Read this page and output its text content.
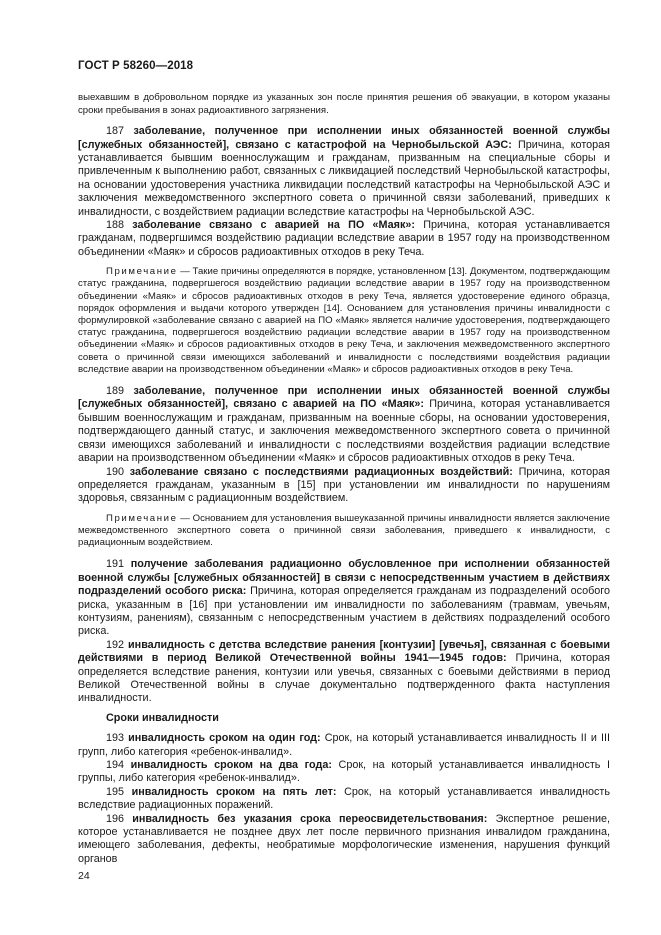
ГОСТ Р 58260—2018

выехавшим в добровольном порядке из указанных зон после принятия решения об эвакуации, в котором указаны сроки пребывания в зонах радиоактивного загрязнения.

187 заболевание, полученное при исполнении иных обязанностей военной службы [служебных обязанностей], связано с катастрофой на Чернобыльской АЭС: Причина, которая устанавливается бывшим военнослужащим и гражданам, призванным на специальные сборы и привлеченным к выполнению работ, связанных с ликвидацией последствий Чернобыльской катастрофы, на основании удостоверения участника ликвидации последствий катастрофы на Чернобыльской АЭС и заключения межведомственного экспертного совета о причинной связи заболеваний, приведших к инвалидности, с воздействием радиации вследствие катастрофы на Чернобыльской АЭС.

188 заболевание связано с аварией на ПО «Маяк»: Причина, которая устанавливается гражданам, подвергшимся воздействию радиации вследствие аварии в 1957 году на производственном объединении «Маяк» и сбросов радиоактивных отходов в реку Теча.

Примечание — Такие причины определяются в порядке, установленном [13]. Документом, подтверждающим статус гражданина, подвергшегося воздействию радиации вследствие аварии в 1957 году на производственном объединении «Маяк» и сбросов радиоактивных отходов в реку Теча, является удостоверение единого образца, порядок оформления и выдачи которого утвержден [14]. Основанием для установления причины инвалидности с формулировкой «заболевание связано с аварией на ПО «Маяк» является наличие удостоверения, подтверждающего статус гражданина, подвергшегося воздействию радиации вследствие аварии в 1957 году на производственном объединении «Маяк» и сбросов радиоактивных отходов в реку Теча, и заключения межведомственного экспертного совета о причинной связи имеющихся заболеваний и инвалидности с последствиями воздействия радиации вследствие аварии на производственном объединении «Маяк» и сбросов радиоактивных отходов в реку Теча.

189 заболевание, полученное при исполнении иных обязанностей военной службы [служебных обязанностей], связано с аварией на ПО «Маяк»: Причина, которая устанавливается бывшим военнослужащим и гражданам, призванным на военные сборы, на основании удостоверения, подтверждающего данный статус, и заключения межведомственного экспертного совета о причинной связи имеющихся заболеваний и инвалидности с последствиями воздействия радиации вследствие аварии на производственном объединении «Маяк» и сбросов радиоактивных отходов в реку Теча.

190 заболевание связано с последствиями радиационных воздействий: Причина, которая определяется гражданам, указанным в [15] при установлении им инвалидности по нарушениям здоровья, связанным с радиационным воздействием.

Примечание — Основанием для установления вышеуказанной причины инвалидности является заключение межведомственного экспертного совета о причинной связи заболевания, приведшего к инвалидности, с радиационным воздействием.

191 получение заболевания радиационно обусловленное при исполнении обязанностей военной службы [служебных обязанностей] в связи с непосредственным участием в действиях подразделений особого риска: Причина, которая определяется гражданам из подразделений особого риска, указанным в [16] при установлении им инвалидности по заболеваниям (травмам, увечьям, контузиям, ранениям), связанным с непосредственным участием в действиях подразделений особого риска.

192 инвалидность с детства вследствие ранения [контузии] [увечья], связанная с боевыми действиями в период Великой Отечественной войны 1941—1945 годов: Причина, которая определяется вследствие ранения, контузии или увечья, связанных с боевыми действиями в период Великой Отечественной войны в случае документально подтвержденного факта наступления инвалидности.

Сроки инвалидности

193 инвалидность сроком на один год: Срок, на который устанавливается инвалидность II и III групп, либо категория «ребенок-инвалид».

194 инвалидность сроком на два года: Срок, на который устанавливается инвалидность I группы, либо категория «ребенок-инвалид».

195 инвалидность сроком на пять лет: Срок, на который устанавливается инвалидность вследствие радиационных поражений.

196 инвалидность без указания срока переосвидетельствования: Экспертное решение, которое устанавливается не позднее двух лет после первичного признания инвалидом гражданина, имеющего заболевания, дефекты, необратимые морфологические изменения, нарушения функций органов

24
